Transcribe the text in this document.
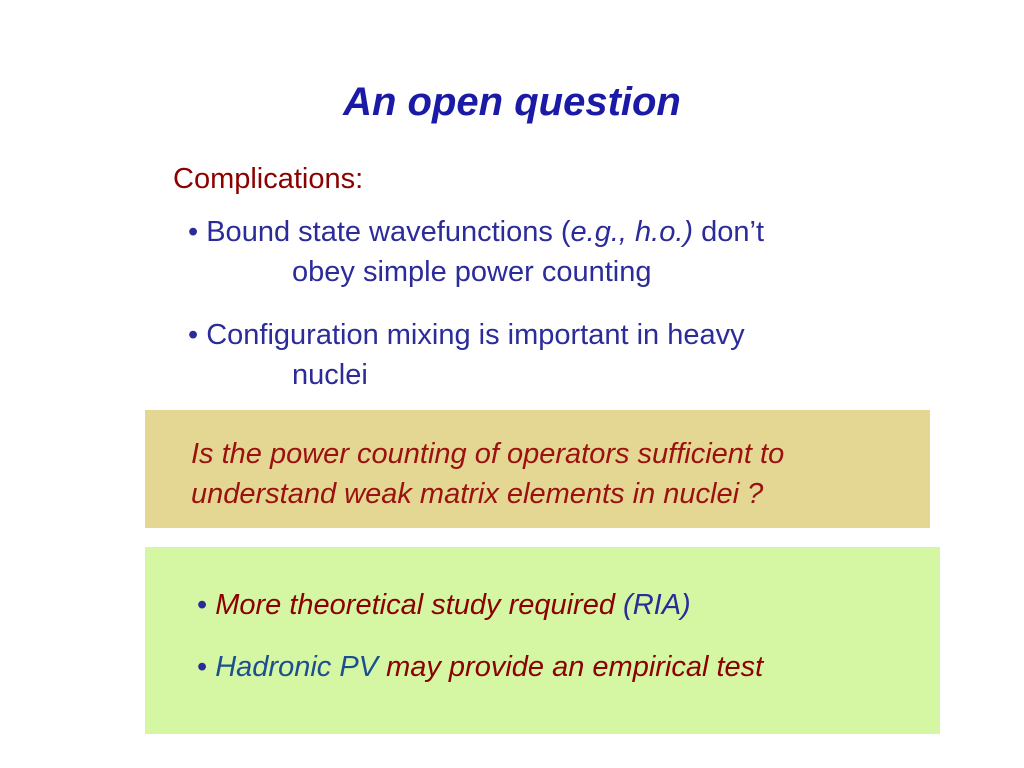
An open question
Complications:
• Bound state wavefunctions (e.g., h.o.) don’t
obey simple power counting
• Configuration mixing is important in heavy
nuclei
Is the power counting of operators sufficient to understand weak matrix elements in nuclei ?
• More theoretical study required (RIA)
• Hadronic PV may provide an empirical test
